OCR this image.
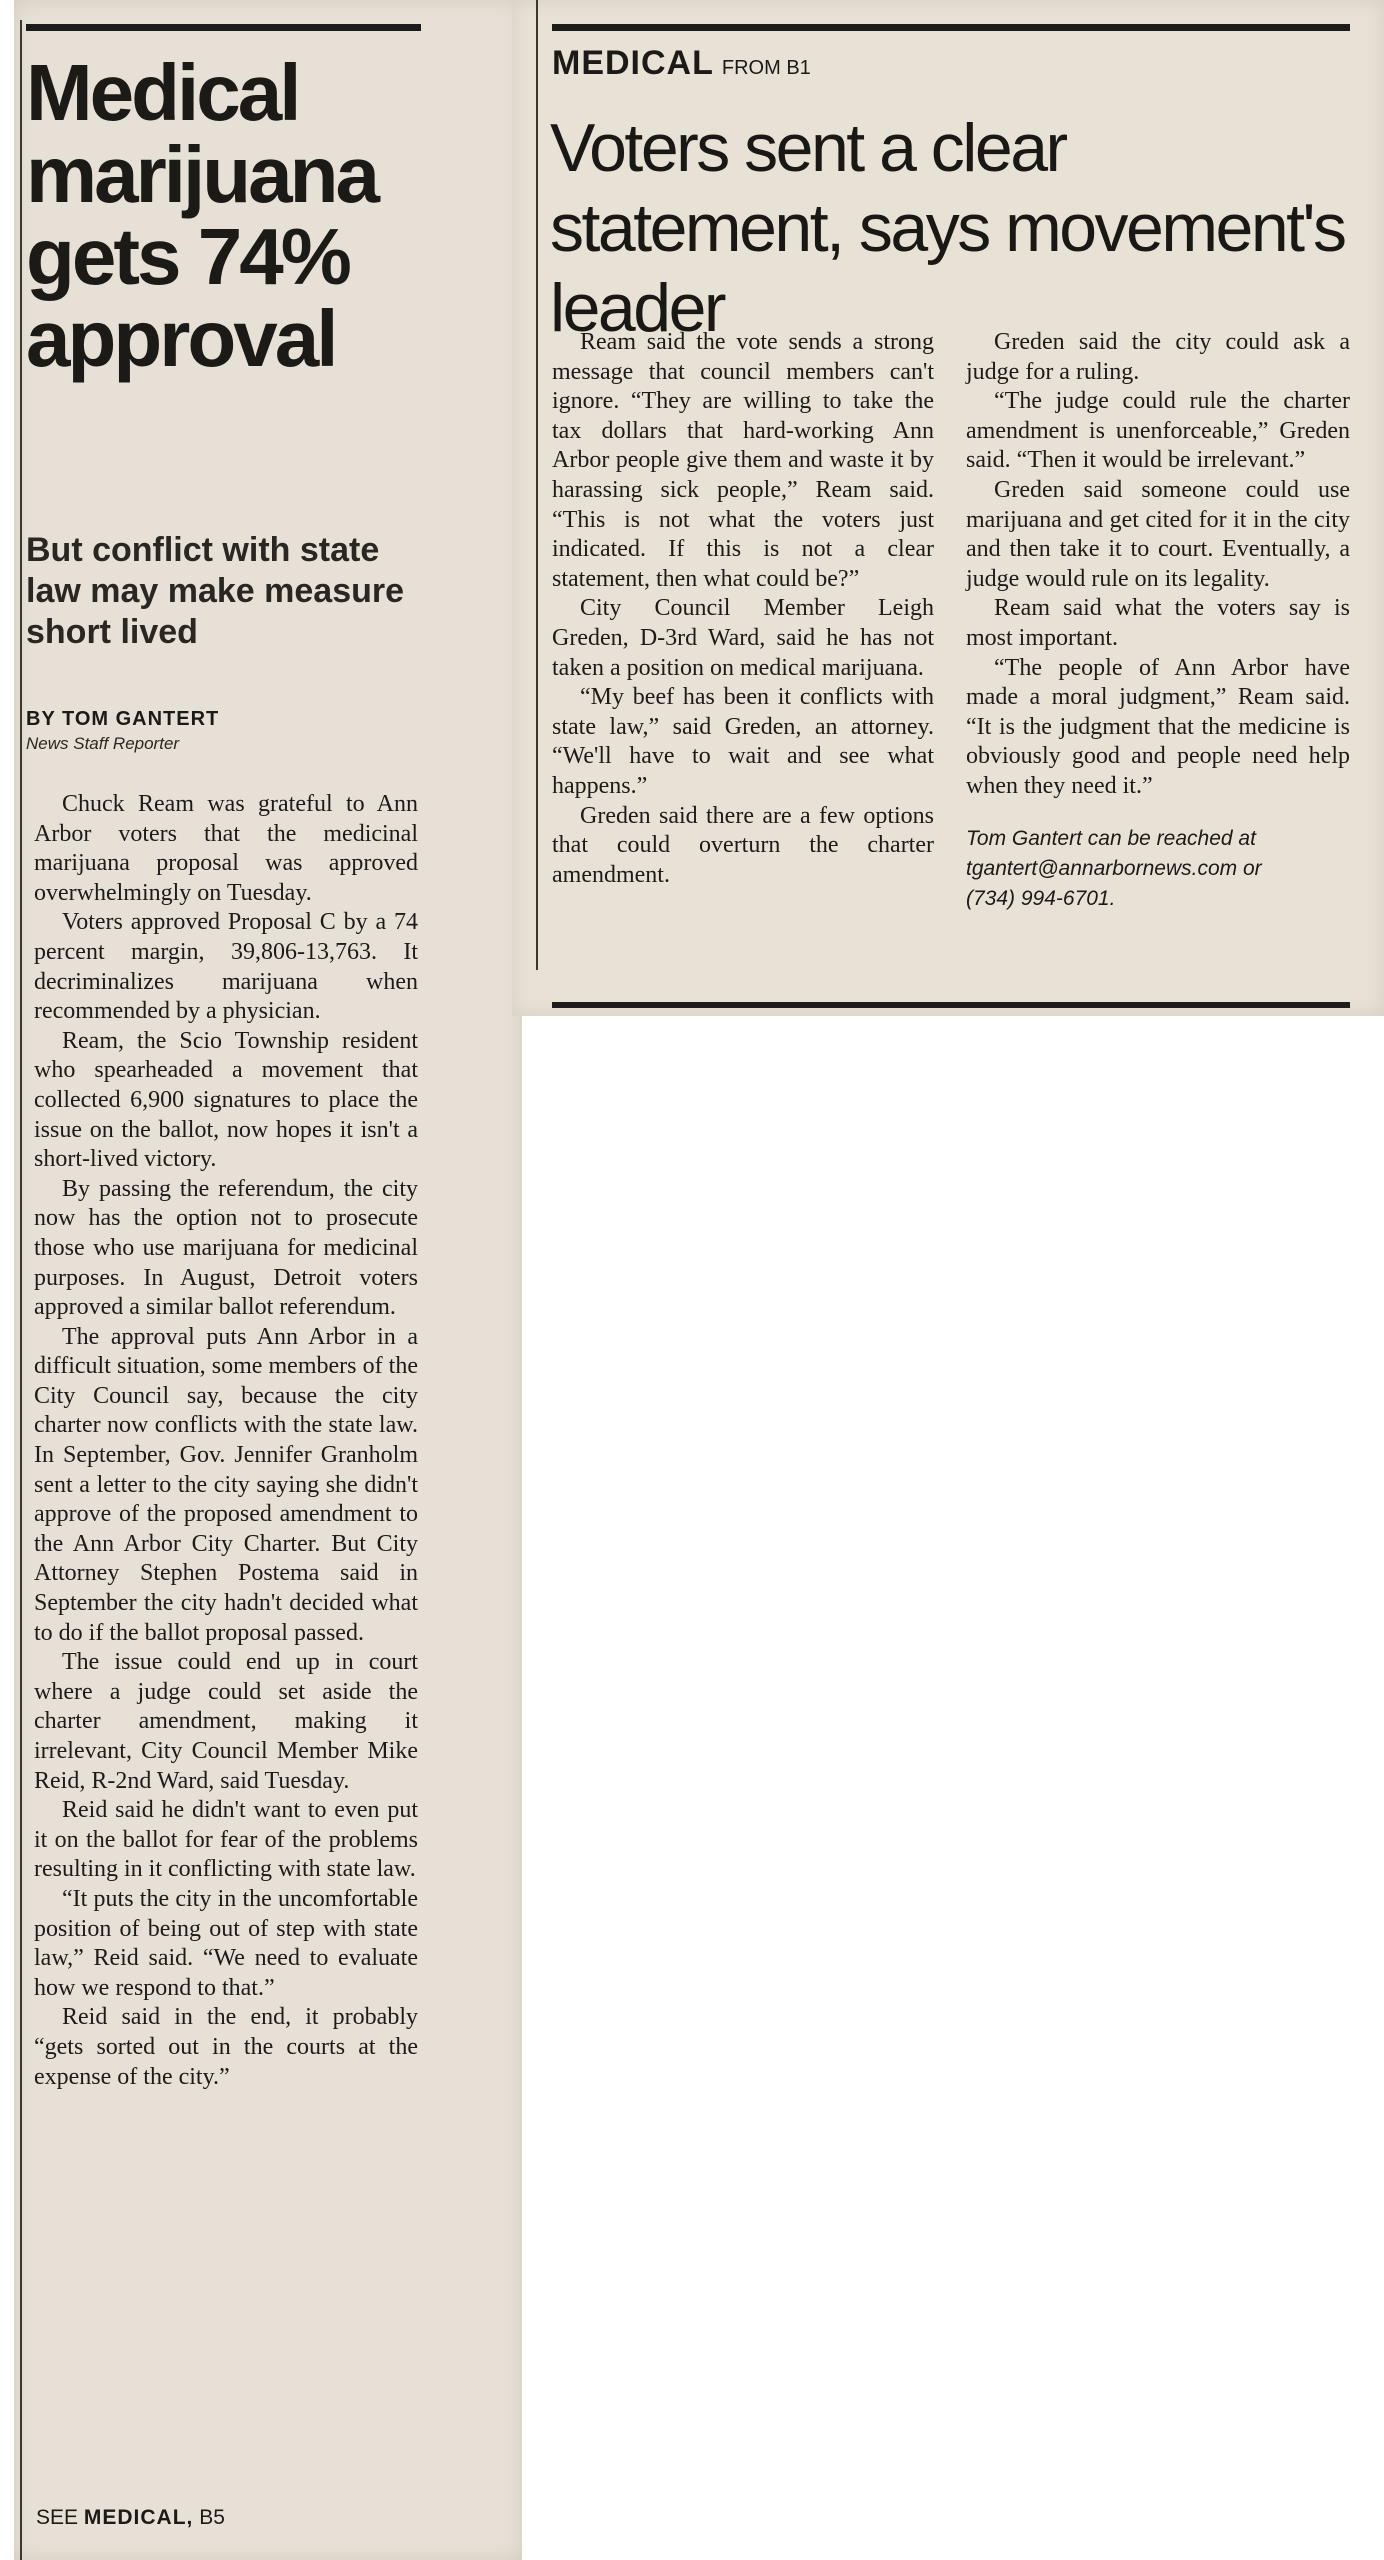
Medical marijuana gets 74% approval
But conflict with state law may make measure short lived

BY TOM GANTERT

News Staff Reporter

Chuck Ream was grateful to Ann Arbor voters that the medicinal marijuana proposal was approved overwhelmingly on Tuesday.

Voters approved Proposal C by a 74 percent margin, 39,806-13,763. It decriminalizes marijuana when recommended by a physician.

Ream, the Scio Township resident who spearheaded a movement that collected 6,900 signatures to place the issue on the ballot, now hopes it isn't a short-lived victory.

By passing the referendum, the city now has the option not to prosecute those who use marijuana for medicinal purposes. In August, Detroit voters approved a similar ballot referendum.

The approval puts Ann Arbor in a difficult situation, some members of the City Council say, because the city charter now conflicts with the state law. In September, Gov. Jennifer Granholm sent a letter to the city saying she didn't approve of the proposed amendment to the Ann Arbor City Charter. But City Attorney Stephen Postema said in September the city hadn't decided what to do if the ballot proposal passed.

The issue could end up in court where a judge could set aside the charter amendment, making it irrelevant, City Council Member Mike Reid, R-2nd Ward, said Tuesday.

Reid said he didn't want to even put it on the ballot for fear of the problems resulting in it conflicting with state law.

“It puts the city in the uncomfortable position of being out of step with state law,” Reid said. “We need to evaluate how we respond to that.”

Reid said in the end, it probably “gets sorted out in the courts at the expense of the city.”

SEE MEDICAL, B5

MEDICAL FROM B1

Voters sent a clear statement, says movement's leader

Ream said the vote sends a strong message that council members can't ignore. “They are willing to take the tax dollars that hard-working Ann Arbor people give them and waste it by harassing sick people,” Ream said. “This is not what the voters just indicated. If this is not a clear statement, then what could be?”

City Council Member Leigh Greden, D-3rd Ward, said he has not taken a position on medical marijuana.

“My beef has been it conflicts with state law,” said Greden, an attorney. “We'll have to wait and see what happens.”

Greden said there are a few options that could overturn the charter amendment.

Greden said the city could ask a judge for a ruling.

“The judge could rule the charter amendment is unenforceable,” Greden said. “Then it would be irrelevant.”

Greden said someone could use marijuana and get cited for it in the city and then take it to court. Eventually, a judge would rule on its legality.

Ream said what the voters say is most important.

“The people of Ann Arbor have made a moral judgment,” Ream said. “It is the judgment that the medicine is obviously good and people need help when they need it.”

Tom Gantert can be reached at
tgantert@annarbornews.com or
(734) 994-6701.
